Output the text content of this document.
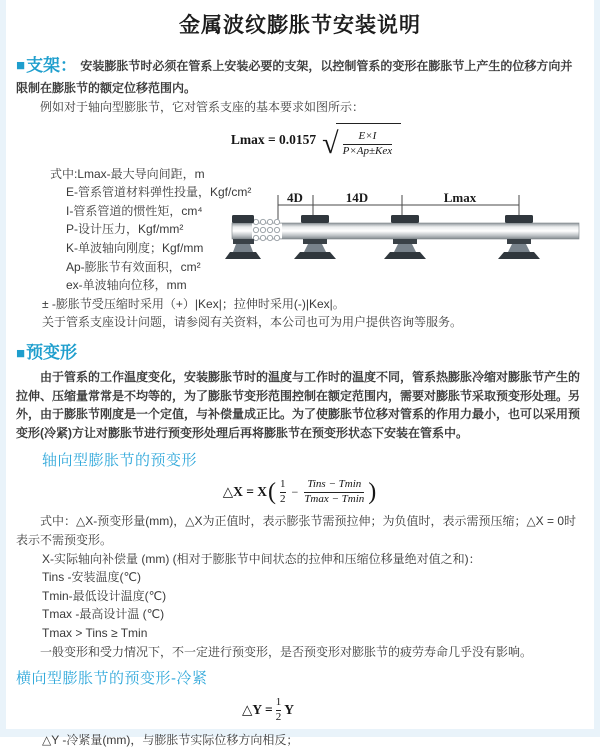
金属波纹膨胀节安装说明

■支架： 安装膨胀节时必须在管系上安装必要的支架，以控制管系的变形在膨胀节上产生的位移方向并限制在膨胀节的额定位移范围内。

例如对于轴向型膨胀节，它对管系支座的基本要求如图所示：

Lmax = 0.0157 √ $\frac{E\times I}{\text{P×Ap±Kex}}$
式中:Lmax-最大导向间距，m
E-管系管道材料弹性投量，Kgf/cm²
I-管系管道的惯性矩，cm⁴
P-设计压力，Kgf/mm²
K-单波轴向刚度；Kgf/mm
Ap-膨胀节有效面积，cm²
ex-单波轴向位移，mm
4D	14D	Lmax

± -膨胀节受压缩时采用（+）|Kex|；拉伸时采用(-)|Kex|。

关于管系支座设计问题，请参阅有关资料，本公司也可为用户提供咨询等服务。

■预变形

由于管系的工作温度变化，安装膨胀节时的温度与工作时的温度不同，管系热膨胀冷缩对膨胀节产生的拉伸、压缩量常常是不均等的，为了膨胀节变形范围控制在额定范围内，需要对膨胀节采取预变形处理。另外，由于膨胀节刚度是一个定值，与补偿量成正比。为了使膨胀节位移对管系的作用力最小，也可以采用预变形(冷紧)方让对膨胀节进行预变形处理后再将膨胀节在预变形状态下安装在管系中。

轴向型膨胀节的预变形
△X = X ( $\frac{1}{2} - \frac{\text{Tins − Tmin}}{Tmax - Tmin}$ )

式中：△X-预变形量(mm)，△X为正值时，表示膨张节需预拉伸；为负值时，表示需预压缩；△X = 0时表示不需预变形。

X-实际轴向补偿量 (mm) (相对于膨胀节中间状态的拉伸和压缩位移量绝对值之和)：

Tins -安装温度(℃)

Tmin-最低设计温度(℃)

Tmax -最高设计温 (℃)

Tmax > Tins ≥ Tmin

一般变形和受力情况下，不一定进行预变形，是否预变形对膨胀节的疲劳寿命几乎没有影响。

横向型膨胀节的预变形-冷紧
△Y = $\frac{1}{2}$ Y

△Y -冷紧量(mm)，与膨胀节实际位移方向相反；
